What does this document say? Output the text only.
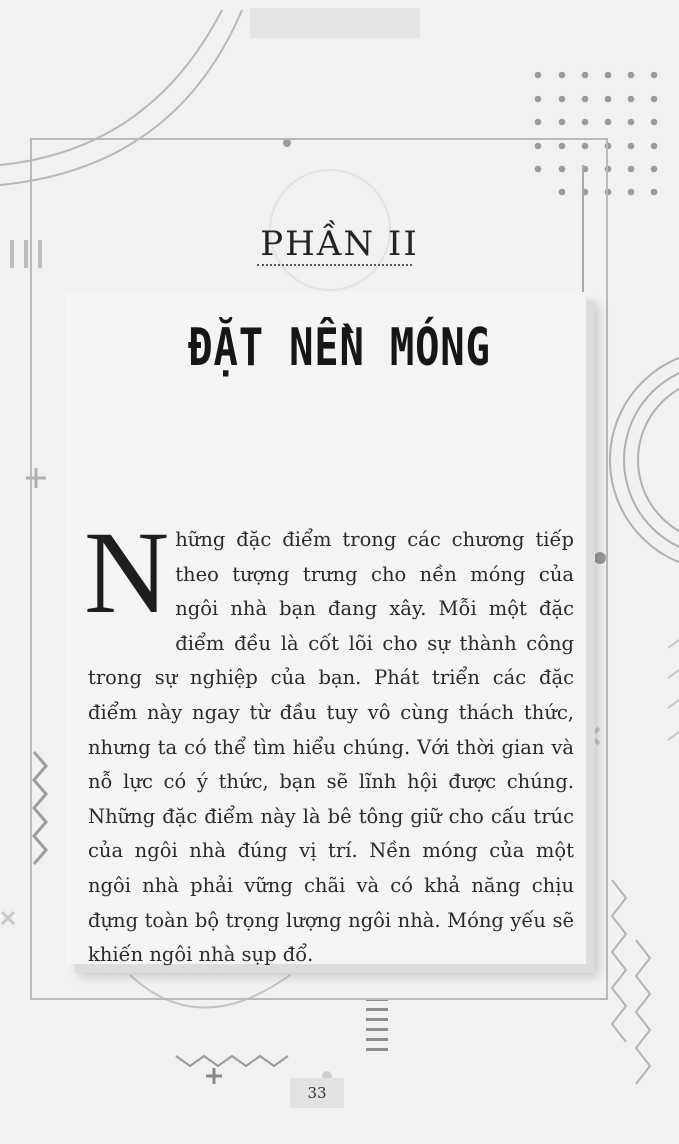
PHẦN II
ĐẶT NỀN MÓNG

Những đặc điểm trong các chương tiếp theo tượng trưng cho nền móng của ngôi nhà bạn đang xây. Mỗi một đặc điểm đều là cốt lõi cho sự thành công trong sự nghiệp của bạn. Phát triển các đặc điểm này ngay từ đầu tuy vô cùng thách thức, nhưng ta có thể tìm hiểu chúng. Với thời gian và nỗ lực có ý thức, bạn sẽ lĩnh hội được chúng. Những đặc điểm này là bê tông giữ cho cấu trúc của ngôi nhà đúng vị trí. Nền móng của một ngôi nhà phải vững chãi và có khả năng chịu đựng toàn bộ trọng lượng ngôi nhà. Móng yếu sẽ khiến ngôi nhà sụp đổ.

33
